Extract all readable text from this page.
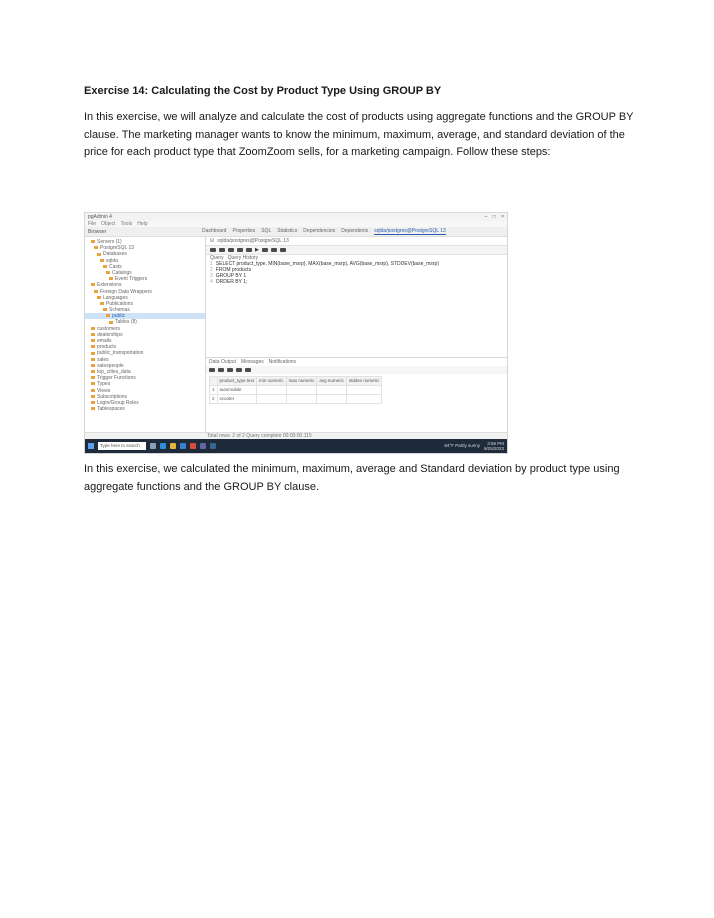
Exercise 14: Calculating the Cost by Product Type Using GROUP BY

In this exercise, we will analyze and calculate the cost of products using aggregate functions and the GROUP BY clause. The marketing manager wants to know the minimum, maximum, average, and standard deviation of the price for each product type that ZoomZoom sells, for a marketing campaign. Follow these steps:

pgAdmin 4	– □ ×
File Object Tools Help
Browser	Dashboard Properties SQL Statistics Dependencies Dependents sqlda/postgres@PostgreSQL 13
Servers (1)
PostgreSQL 13
Databases
sqlda
Casts
Catalogs
Event Triggers
Extensions
Foreign Data Wrappers
Languages
Publications
Schemas
public
Tables (8)
customers
dealerships
emails
products
public_transportation
sales
salespeople
top_cities_data
Trigger Functions
Types
Views
Subscriptions
Login/Group Roles
Tablespaces
⛁ sqlda/postgres@PostgreSQL 13
▶
Query Query History
1 SELECT product_type, MIN(base_msrp), MAX(base_msrp), AVG(base_msrp), STDDEV(base_msrp)
2 FROM products
3 GROUP BY 1
4 ORDER BY 1;
Data Output Messages Notifications
	product_type text	min numeric	max numeric	avg numeric	stddev numeric
1	automobile				
2	scooter				
Total rows: 2 of 2 Query complete 00:00:00.115
Type here to search	84°F Partly sunny	3:56 PM
6/25/2023

In this exercise, we calculated the minimum, maximum, average and Standard deviation by product type using aggregate functions and the GROUP BY clause.
